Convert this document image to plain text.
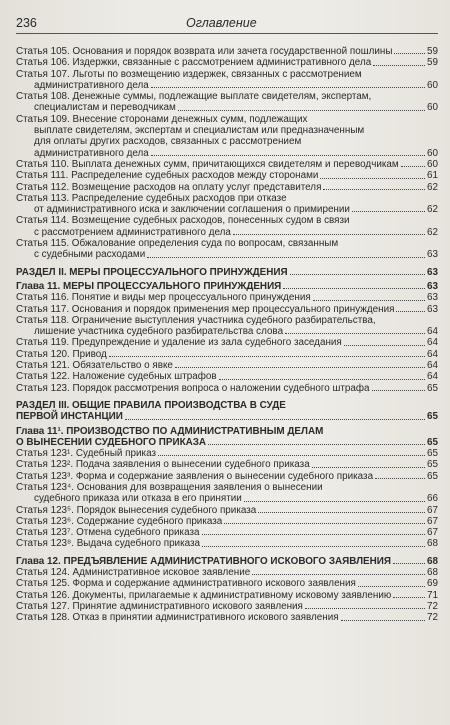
236	Оглавление
Статья 105. Основания и порядок возврата или зачета государственной пошлины	59
Статья 106. Издержки, связанные с рассмотрением административного дела	59
Статья 107. Льготы по возмещению издержек, связанных с рассмотрением
административного дела	60
Статья 108. Денежные суммы, подлежащие выплате свидетелям, экспертам,
специалистам и переводчикам	60
Статья 109. Внесение сторонами денежных сумм, подлежащих
выплате свидетелям, экспертам и специалистам или предназначенным
для оплаты других расходов, связанных с рассмотрением
административного дела	60
Статья 110. Выплата денежных сумм, причитающихся свидетелям и переводчикам	60
Статья 111. Распределение судебных расходов между сторонами	61
Статья 112. Возмещение расходов на оплату услуг представителя	62
Статья 113. Распределение судебных расходов при отказе
от административного иска и заключении соглашения о примирении	62
Статья 114. Возмещение судебных расходов, понесенных судом в связи
с рассмотрением административного дела	62
Статья 115. Обжалование определения суда по вопросам, связанным
с судебными расходами	63
РАЗДЕЛ II. МЕРЫ ПРОЦЕССУАЛЬНОГО ПРИНУЖДЕНИЯ	63
Глава 11. МЕРЫ ПРОЦЕССУАЛЬНОГО ПРИНУЖДЕНИЯ	63
Статья 116. Понятие и виды мер процессуального принуждения	63
Статья 117. Основания и порядок применения мер процессуального принуждения	63
Статья 118. Ограничение выступления участника судебного разбирательства,
лишение участника судебного разбирательства слова	64
Статья 119. Предупреждение и удаление из зала судебного заседания	64
Статья 120. Привод	64
Статья 121. Обязательство о явке	64
Статья 122. Наложение судебных штрафов	64
Статья 123. Порядок рассмотрения вопроса о наложении судебного штрафа	65
РАЗДЕЛ III. ОБЩИЕ ПРАВИЛА ПРОИЗВОДСТВА В СУДЕ
ПЕРВОЙ ИНСТАНЦИИ	65
Глава 11¹. ПРОИЗВОДСТВО ПО АДМИНИСТРАТИВНЫМ ДЕЛАМ
О ВЫНЕСЕНИИ СУДЕБНОГО ПРИКАЗА	65
Статья 123¹. Судебный приказ	65
Статья 123². Подача заявления о вынесении судебного приказа	65
Статья 123³. Форма и содержание заявления о вынесении судебного приказа	65
Статья 123⁴. Основания для возвращения заявления о вынесении
судебного приказа или отказа в его принятии	66
Статья 123⁵. Порядок вынесения судебного приказа	67
Статья 123⁶. Содержание судебного приказа	67
Статья 123⁷. Отмена судебного приказа	67
Статья 123⁸. Выдача судебного приказа	68
Глава 12. ПРЕДЪЯВЛЕНИЕ АДМИНИСТРАТИВНОГО ИСКОВОГО ЗАЯВЛЕНИЯ	68
Статья 124. Административное исковое заявление	68
Статья 125. Форма и содержание административного искового заявления	69
Статья 126. Документы, прилагаемые к административному исковому заявлению	71
Статья 127. Принятие административного искового заявления	72
Статья 128. Отказ в принятии административного искового заявления	72
